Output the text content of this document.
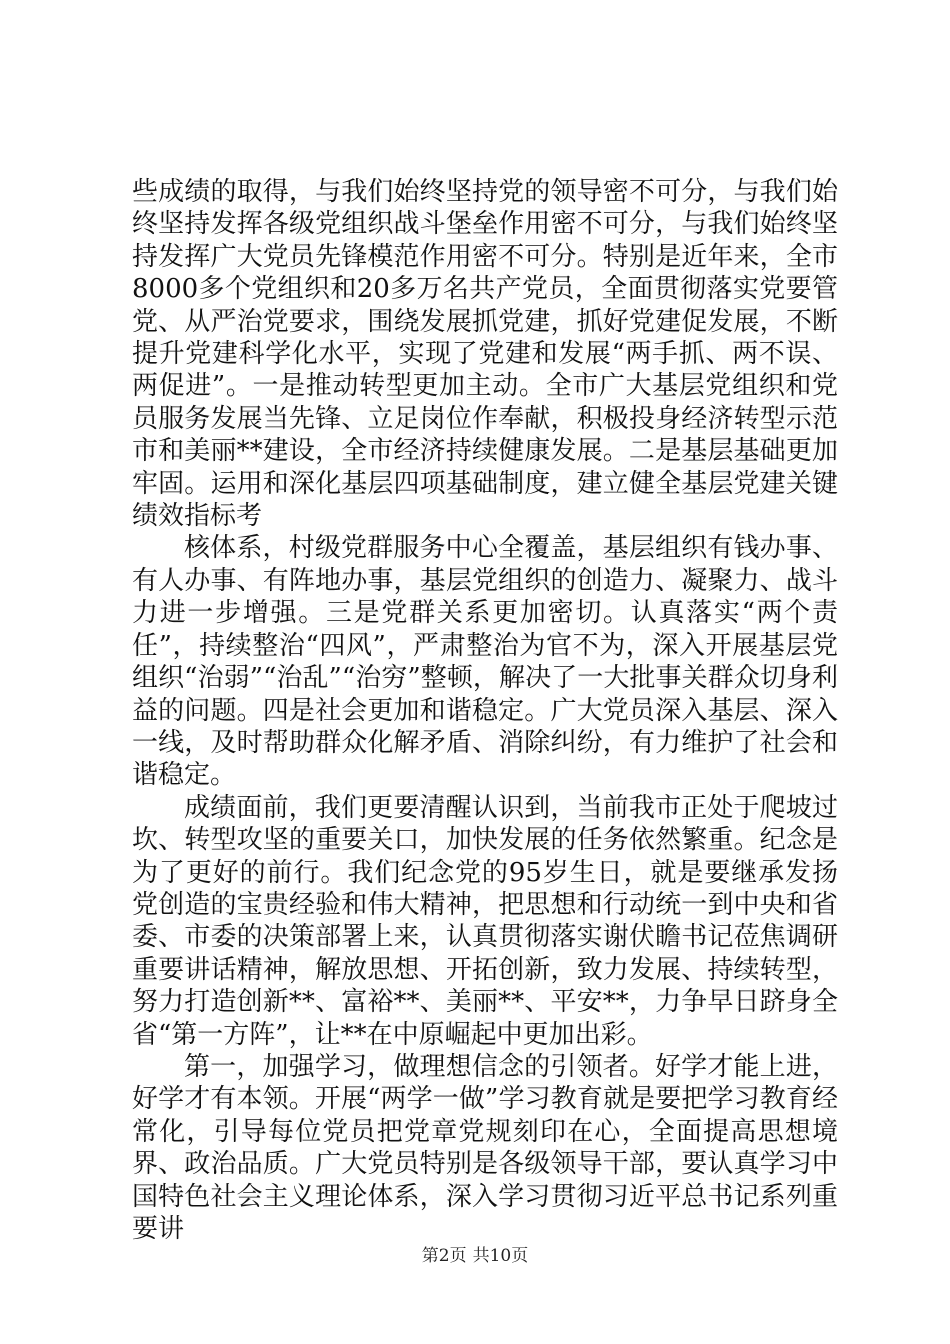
些成绩的取得，与我们始终坚持党的领导密不可分，与我们始终坚持发挥各级党组织战斗堡垒作用密不可分，与我们始终坚持发挥广大党员先锋模范作用密不可分。特别是近年来，全市8000多个党组织和20多万名共产党员，全面贯彻落实党要管党、从严治党要求，围绕发展抓党建，抓好党建促发展，不断提升党建科学化水平，实现了党建和发展“两手抓、两不误、两促进”。一是推动转型更加主动。全市广大基层党组织和党员服务发展当先锋、立足岗位作奉献，积极投身经济转型示范市和美丽**建设，全市经济持续健康发展。二是基层基础更加牢固。运用和深化基层四项基础制度，建立健全基层党建关键绩效指标考

核体系，村级党群服务中心全覆盖，基层组织有钱办事、有人办事、有阵地办事，基层党组织的创造力、凝聚力、战斗力进一步增强。三是党群关系更加密切。认真落实“两个责任”，持续整治“四风”，严肃整治为官不为，深入开展基层党组织“治弱”“治乱”“治穷”整顿，解决了一大批事关群众切身利益的问题。四是社会更加和谐稳定。广大党员深入基层、深入一线，及时帮助群众化解矛盾、消除纠纷，有力维护了社会和谐稳定。

成绩面前，我们更要清醒认识到，当前我市正处于爬坡过坎、转型攻坚的重要关口，加快发展的任务依然繁重。纪念是为了更好的前行。我们纪念党的95岁生日，就是要继承发扬党创造的宝贵经验和伟大精神，把思想和行动统一到中央和省委、市委的决策部署上来，认真贯彻落实谢伏瞻书记莅焦调研重要讲话精神，解放思想、开拓创新，致力发展、持续转型，努力打造创新**、富裕**、美丽**、平安**，力争早日跻身全省“第一方阵”，让**在中原崛起中更加出彩。

第一，加强学习，做理想信念的引领者。好学才能上进，好学才有本领。开展“两学一做”学习教育就是要把学习教育经常化，引导每位党员把党章党规刻印在心，全面提高思想境界、政治品质。广大党员特别是各级领导干部，要认真学习中国特色社会主义理论体系，深入学习贯彻习近平总书记系列重要讲

第2页 共10页
